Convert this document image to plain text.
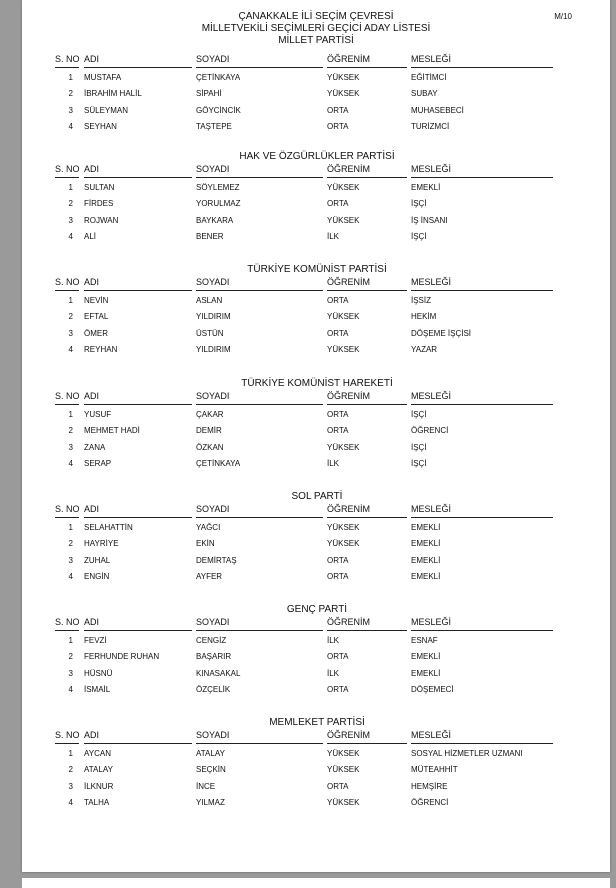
M/10
ÇANAKKALE İLİ SEÇİM ÇEVRESİ
MİLLETVEKİLİ SEÇİMLERİ GEÇİCİ ADAY LİSTESİ
MİLLET PARTİSİ
S. NO ADI	SOYADI	ÖĞRENİM	MESLEĞİ
1 MUSTAFA	ÇETİNKAYA	YÜKSEK	EĞİTİMCİ
2 İBRAHİM HALİL	SİPAHİ	YÜKSEK	SUBAY
3 SÜLEYMAN	GÖYCİNCİK	ORTA	MUHASEBECİ
4 SEYHAN	TAŞTEPE	ORTA	TURİZMCİ
HAK VE ÖZGÜRLÜKLER PARTİSİ
S. NO ADI	SOYADI	ÖĞRENİM	MESLEĞİ
1 SULTAN	SÖYLEMEZ	YÜKSEK	EMEKLİ
2 FİRDES	YORULMAZ	ORTA	İŞÇİ
3 ROJWAN	BAYKARA	YÜKSEK	İŞ İNSANI
4 ALİ	BENER	İLK	İŞÇİ
TÜRKİYE KOMÜNİST PARTİSİ
S. NO ADI	SOYADI	ÖĞRENİM	MESLEĞİ
1 NEVİN	ASLAN	ORTA	İŞSİZ
2 EFTAL	YILDIRIM	YÜKSEK	HEKİM
3 ÖMER	ÜSTÜN	ORTA	DÖŞEME İŞÇİSİ
4 REYHAN	YILDIRIM	YÜKSEK	YAZAR
TÜRKİYE KOMÜNİST HAREKETİ
S. NO ADI	SOYADI	ÖĞRENİM	MESLEĞİ
1 YUSUF	ÇAKAR	ORTA	İŞÇİ
2 MEHMET HADİ	DEMİR	ORTA	ÖĞRENCİ
3 ZANA	ÖZKAN	YÜKSEK	İŞÇİ
4 SERAP	ÇETİNKAYA	İLK	İŞÇİ
SOL PARTİ
S. NO ADI	SOYADI	ÖĞRENİM	MESLEĞİ
1 SELAHATTİN	YAĞCI	YÜKSEK	EMEKLİ
2 HAYRİYE	EKİN	YÜKSEK	EMEKLİ
3 ZUHAL	DEMİRTAŞ	ORTA	EMEKLİ
4 ENGİN	AYFER	ORTA	EMEKLİ
GENÇ PARTİ
S. NO ADI	SOYADI	ÖĞRENİM	MESLEĞİ
1 FEVZİ	CENGİZ	İLK	ESNAF
2 FERHUNDE RUHAN	BAŞARIR	ORTA	EMEKLİ
3 HÜSNÜ	KINASAKAL	İLK	EMEKLİ
4 İSMAİL	ÖZÇELİK	ORTA	DÖŞEMECİ
MEMLEKET PARTİSİ
S. NO ADI	SOYADI	ÖĞRENİM	MESLEĞİ
1 AYCAN	ATALAY	YÜKSEK	SOSYAL HİZMETLER UZMANI
2 ATALAY	SEÇKİN	YÜKSEK	MÜTEAHHİT
3 İLKNUR	İNCE	ORTA	HEMŞİRE
4 TALHA	YILMAZ	YÜKSEK	ÖĞRENCİ
